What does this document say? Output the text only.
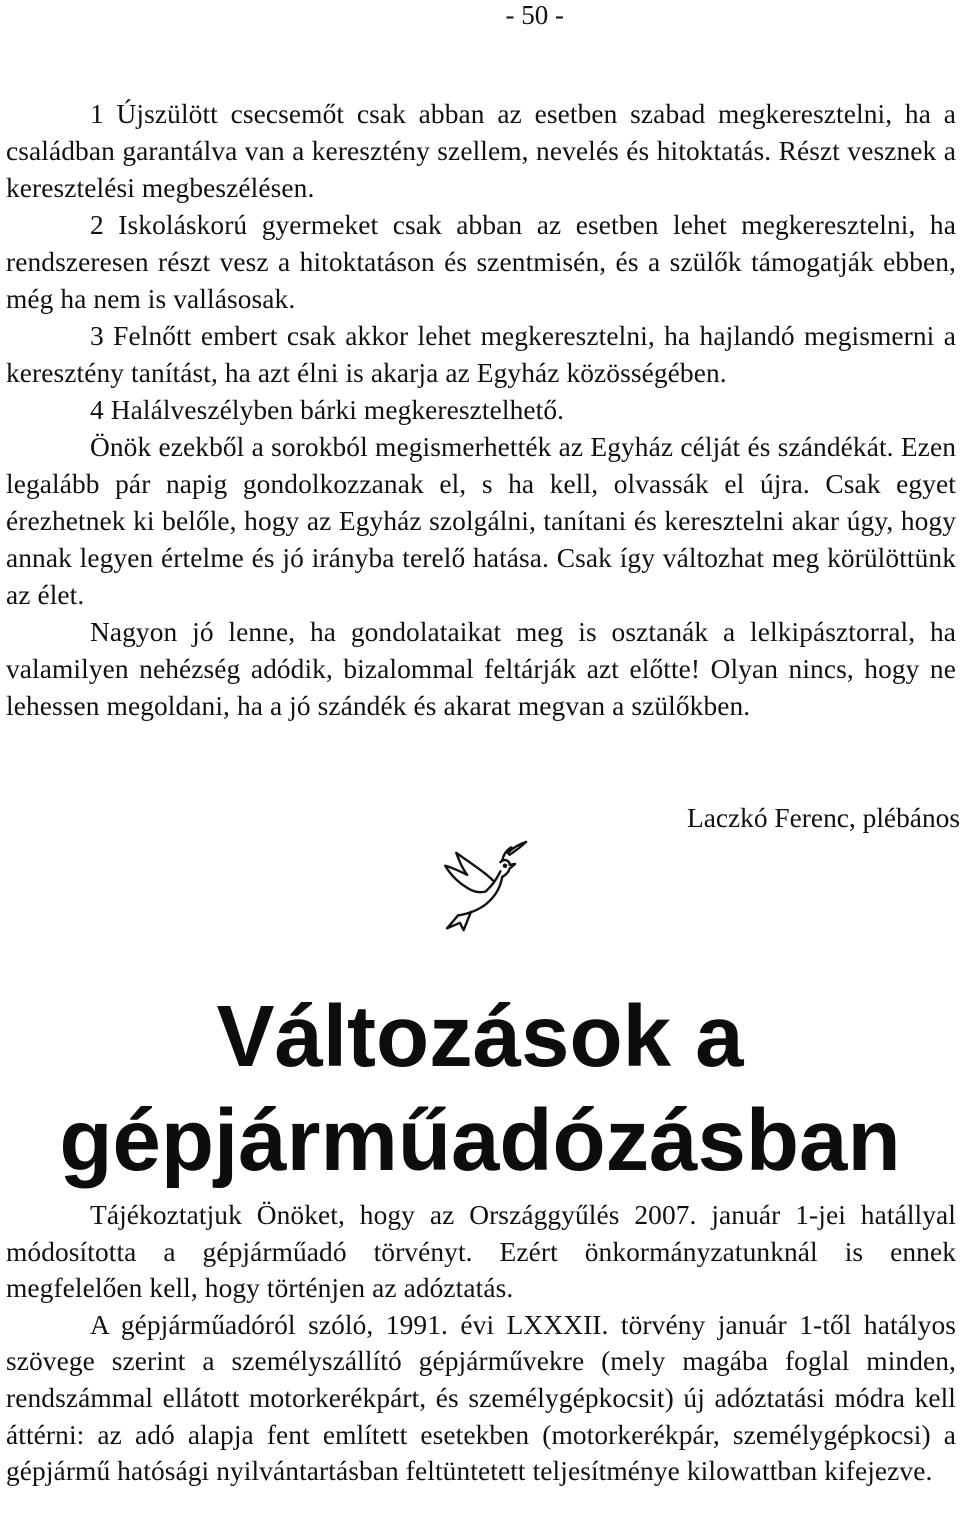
- 50 -

1 Újszülött csecsemőt csak abban az esetben szabad megkeresztelni, ha a családban garantálva van a keresztény szellem, nevelés és hitoktatás. Részt vesznek a keresztelési megbeszélésen.

2 Iskoláskorú gyermeket csak abban az esetben lehet megkeresztelni, ha rendszeresen részt vesz a hitoktatáson és szentmisén, és a szülők támogatják ebben, még ha nem is vallásosak.

3 Felnőtt embert csak akkor lehet megkeresztelni, ha hajlandó megismerni a keresztény tanítást, ha azt élni is akarja az Egyház közösségében.

4 Halálveszélyben bárki megkeresztelhető.

Önök ezekből a sorokból megismerhették az Egyház célját és szándékát. Ezen legalább pár napig gondolkozzanak el, s ha kell, olvassák el újra. Csak egyet érezhetnek ki belőle, hogy az Egyház szolgálni, tanítani és keresztelni akar úgy, hogy annak legyen értelme és jó irányba terelő hatása. Csak így változhat meg körülöttünk az élet.

Nagyon jó lenne, ha gondolataikat meg is osztanák a lelkipásztorral, ha valamilyen nehézség adódik, bizalommal feltárják azt előtte! Olyan nincs, hogy ne lehessen megoldani, ha a jó szándék és akarat megvan a szülőkben.

Laczkó Ferenc, plébános
Változások a gépjárműadózásban

Tájékoztatjuk Önöket, hogy az Országgyűlés 2007. január 1-jei hatállyal módosította a gépjárműadó törvényt. Ezért önkormányzatunknál is ennek megfelelően kell, hogy történjen az adóztatás.

A gépjárműadóról szóló, 1991. évi LXXXII. törvény január 1-től hatályos szövege szerint a személyszállító gépjárművekre (mely magába foglal minden, rendszámmal ellátott motorkerékpárt, és személygépkocsit) új adóztatási módra kell áttérni: az adó alapja fent említett esetekben (motorkerékpár, személygépkocsi) a gépjármű hatósági nyilvántartásban feltüntetett teljesítménye kilowattban kifejezve.
